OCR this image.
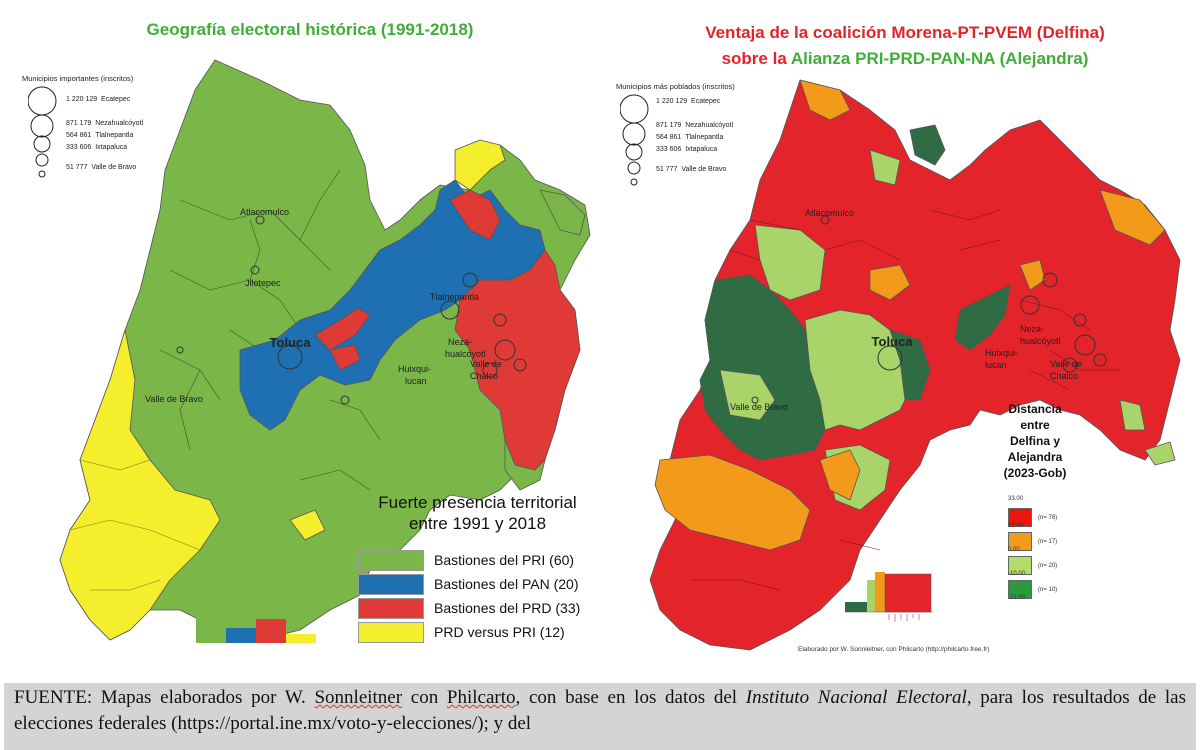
Geografía electoral histórica (1991-2018)	Ventaja de la coalición Morena-PT-PVEM (Delfina)
sobre la Alianza PRI-PRD-PAN-NA (Alejandra)
Toluca
Atlacomulco
Jilotepec
Valle de Bravo
Huixqui-
lucan
Neza-
hualcóyotl
Valle de
Chalco
Tlalnepantla
Municipios importantes (inscritos)
1 220 129 Ecatepec
871 179 Nezahualcóyotl
564 861 Tlalnepantla
333 606 Ixtapaluca
51 777 Valle de Bravo
Fuerte presencia territorial
entre 1991 y 2018
Bastiones del PRI (60)
Bastiones del PAN (20)
Bastiones del PRD (33)
PRD versus PRI (12)
Toluca
Atlacomulco
Valle de Bravo
Huixqui-
lucan
Neza-
hualcóyotl
Valle de
Chalco
Municipios más poblados (inscritos)
1 220 129 Ecatepec
871 179 Nezahualcóyotl
564 861 Tlalnepantla
333 606 Ixtapaluca
51 777 Valle de Bravo
Distancia
entre
Delfina y
Alejandra
(2023-Gob)
33.00
(n= 78)
13.00
(n= 17)
0.00
(n= 20)
-10.00
(n= 10)
-21.00
Elaborado por W. Sonnleitner, con Philcarto (http://philcarto.free.fr)
FUENTE: Mapas elaborados por W. Sonnleitner con Philcarto, con base en los datos del Instituto Nacional Electoral, para los resultados de las elecciones federales (https://portal.ine.mx/voto-y-elecciones/); y del
